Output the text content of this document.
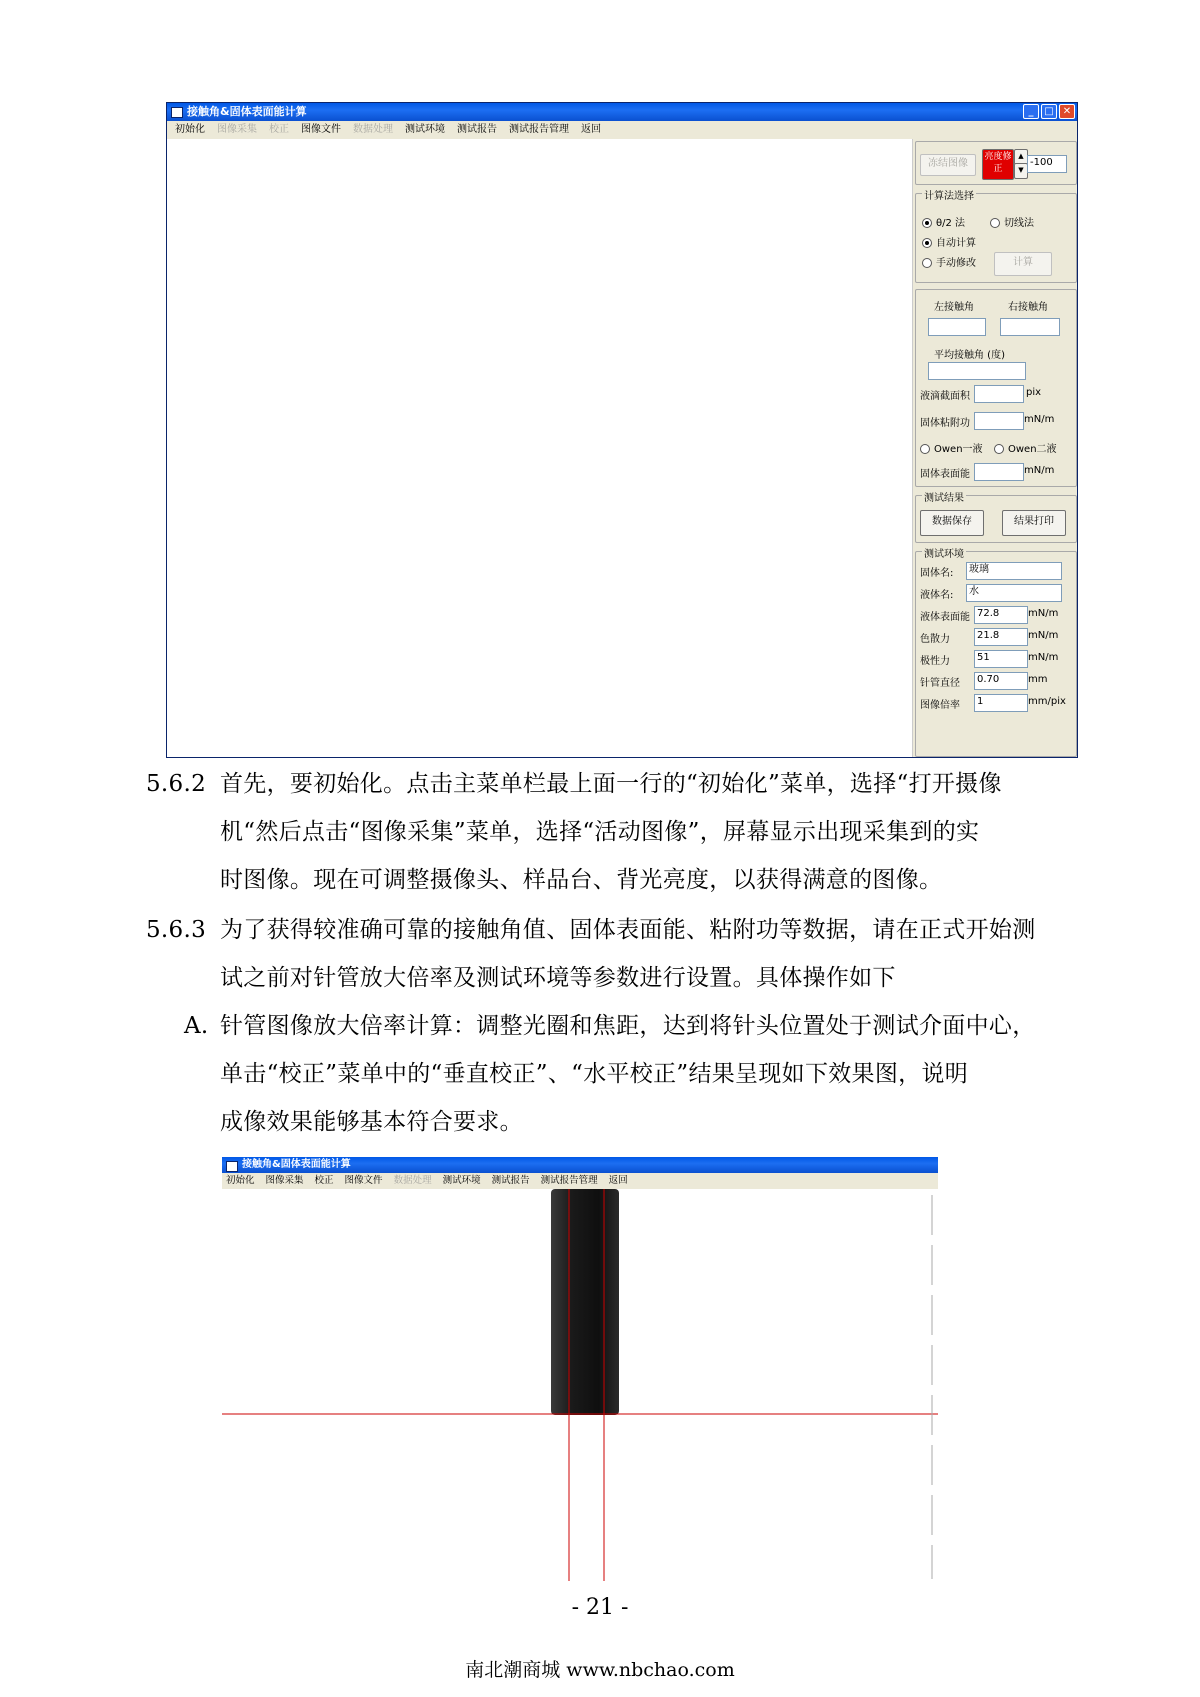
接触角&固体表面能计算	_	□ ✕
初始化 图像采集 校正 图像文件 数据处理 测试环境 测试报告 测试报告管理 返回
冻结图像
亮度修正
▲
▼
-100
计算法选择
θ/2 法	切线法
自动计算
手动修改	计算
左接触角	右接触角
平均接触角 (度)
液滴截面积	pix
固体粘附功	mN/m
Owen一液	Owen二液
固体表面能	mN/m
测试结果
数据保存	结果打印
测试环境
固体名:	玻璃
液体名:	水
液体表面能 72.8	mN/m
色散力	21.8	mN/m
极性力	51	mN/m
针管直径	0.70	mm
图像倍率	1	mm/pix
5.6.2 首先，要初始化。点击主菜单栏最上面一行的“初始化”菜单，选择“打开摄像
机“然后点击“图像采集”菜单，选择“活动图像”，屏幕显示出现采集到的实
时图像。现在可调整摄像头、样品台、背光亮度，以获得满意的图像。
5.6.3 为了获得较准确可靠的接触角值、固体表面能、粘附功等数据，请在正式开始测
试之前对针管放大倍率及测试环境等参数进行设置。具体操作如下
A. 针管图像放大倍率计算：调整光圈和焦距，达到将针头位置处于测试介面中心，
单击“校正”菜单中的“垂直校正”、“水平校正”结果呈现如下效果图，说明
成像效果能够基本符合要求。
接触角&固体表面能计算
初始化 图像采集 校正 图像文件 数据处理 测试环境 测试报告 测试报告管理 返回
- 21 -
南北潮商城 www.nbchao.com
